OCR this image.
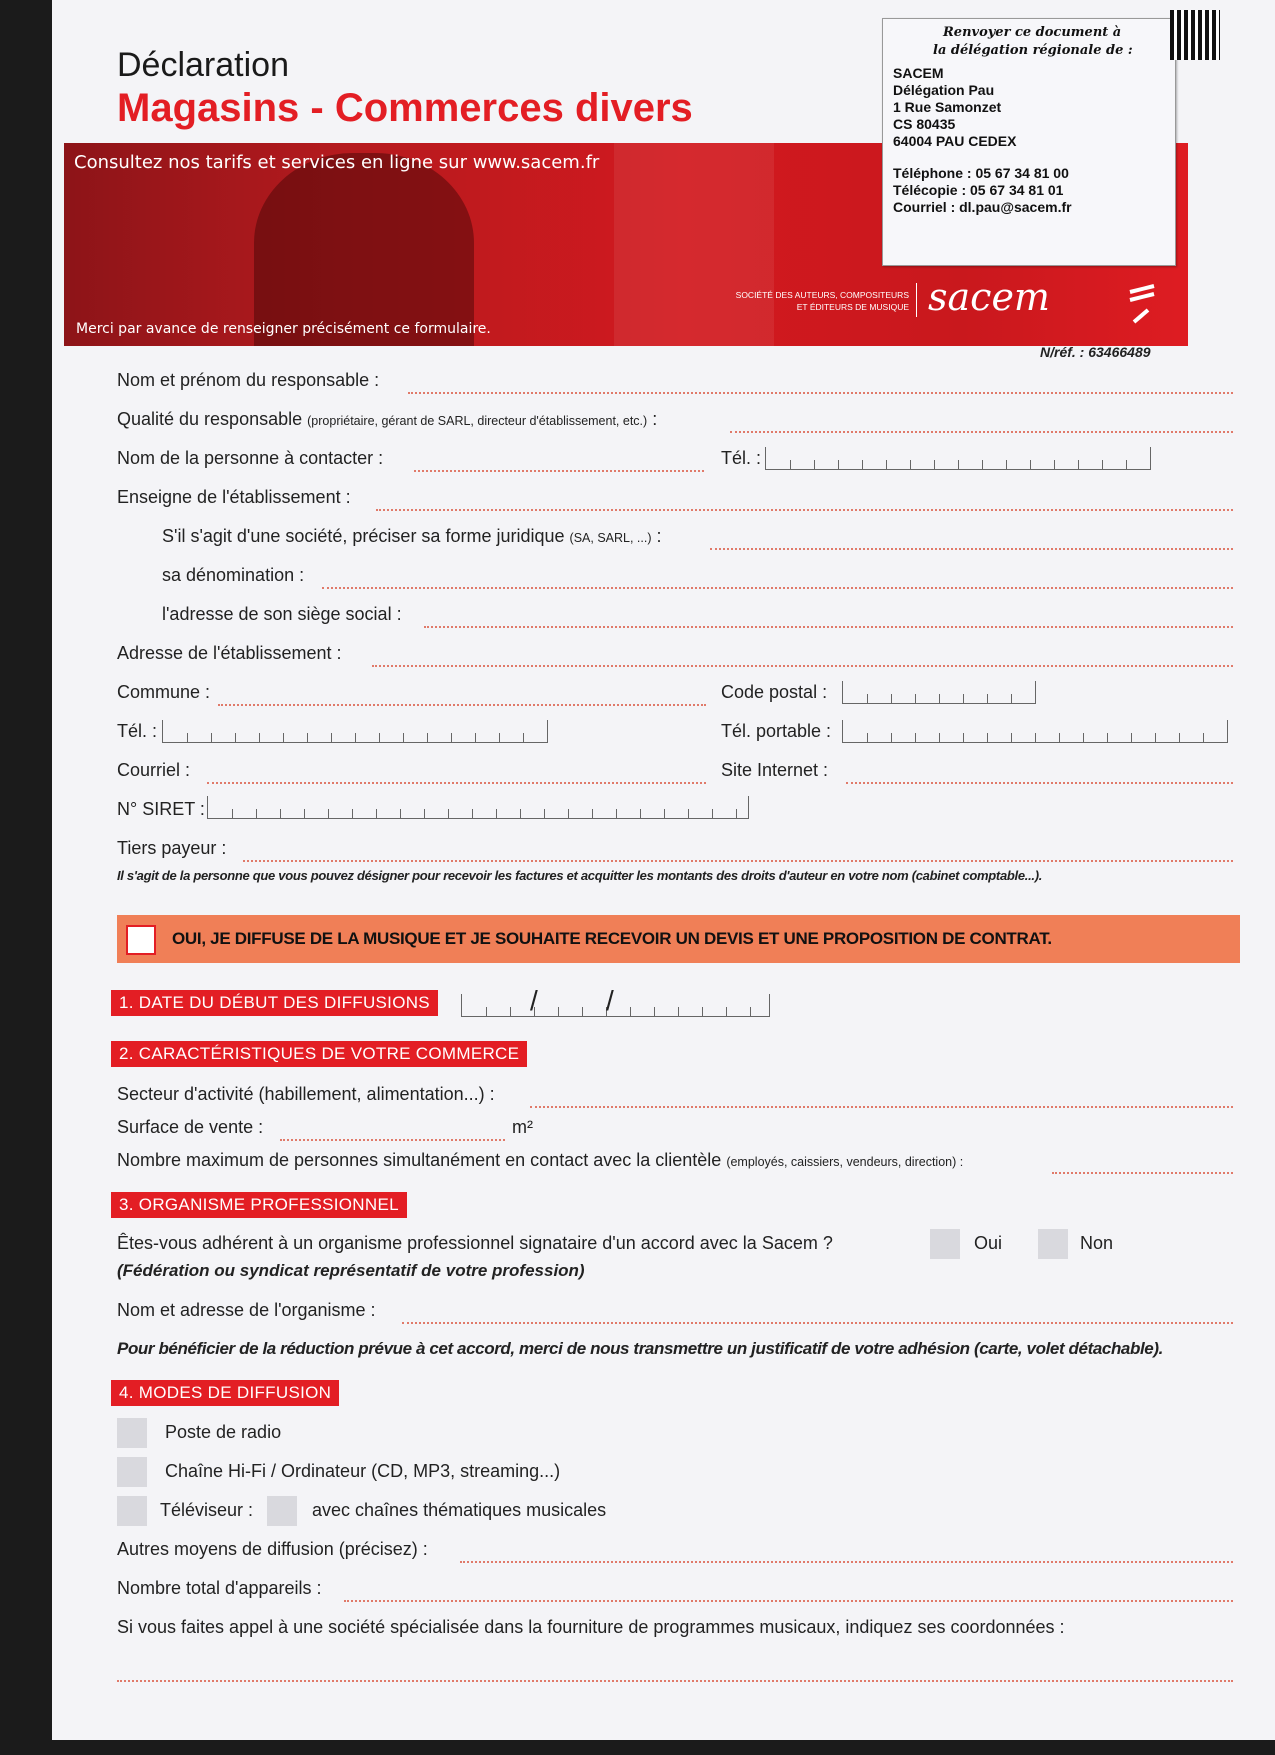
Déclaration
Magasins - Commerces divers
Consultez nos tarifs et services en ligne sur www.sacem.fr
Merci par avance de renseigner précisément ce formulaire.
SOCIÉTÉ DES AUTEURS, COMPOSITEURS
ET ÉDITEURS DE MUSIQUE sacem
Renvoyer ce document à
la délégation régionale de :
SACEM
Délégation Pau
1 Rue Samonzet
CS 80435
64004 PAU CEDEX
Téléphone : 05 67 34 81 00
Télécopie : 05 67 34 81 01
Courriel : dl.pau@sacem.fr
N/réf. : 63466489
Nom et prénom du responsable :
Qualité du responsable (propriétaire, gérant de SARL, directeur d'établissement, etc.) :
Nom de la personne à contacter :	Tél. :
Enseigne de l'établissement :
S'il s'agit d'une société, préciser sa forme juridique (SA, SARL, ...) :
sa dénomination :
l'adresse de son siège social :
Adresse de l'établissement :
Commune :	Code postal :
Tél. :	Tél. portable :
Courriel :	Site Internet :
N° SIRET :
Tiers payeur :
Il s'agit de la personne que vous pouvez désigner pour recevoir les factures et acquitter les montants des droits d'auteur en votre nom (cabinet comptable...).
OUI, JE DIFFUSE DE LA MUSIQUE ET JE SOUHAITE RECEVOIR UN DEVIS ET UNE PROPOSITION DE CONTRAT.
1. DATE DU DÉBUT DES DIFFUSIONS	/ /
2. CARACTÉRISTIQUES DE VOTRE COMMERCE
Secteur d'activité (habillement, alimentation...) :
Surface de vente :	m²
Nombre maximum de personnes simultanément en contact avec la clientèle (employés, caissiers, vendeurs, direction) :
3. ORGANISME PROFESSIONNEL
Êtes-vous adhérent à un organisme professionnel signataire d'un accord avec la Sacem ?
(Fédération ou syndicat représentatif de votre profession)
Oui	Non
Nom et adresse de l'organisme :
Pour bénéficier de la réduction prévue à cet accord, merci de nous transmettre un justificatif de votre adhésion (carte, volet détachable).
4. MODES DE DIFFUSION
Poste de radio
Chaîne Hi-Fi / Ordinateur (CD, MP3, streaming...)
Téléviseur :	avec chaînes thématiques musicales
Autres moyens de diffusion (précisez) :
Nombre total d'appareils :
Si vous faites appel à une société spécialisée dans la fourniture de programmes musicaux, indiquez ses coordonnées :
